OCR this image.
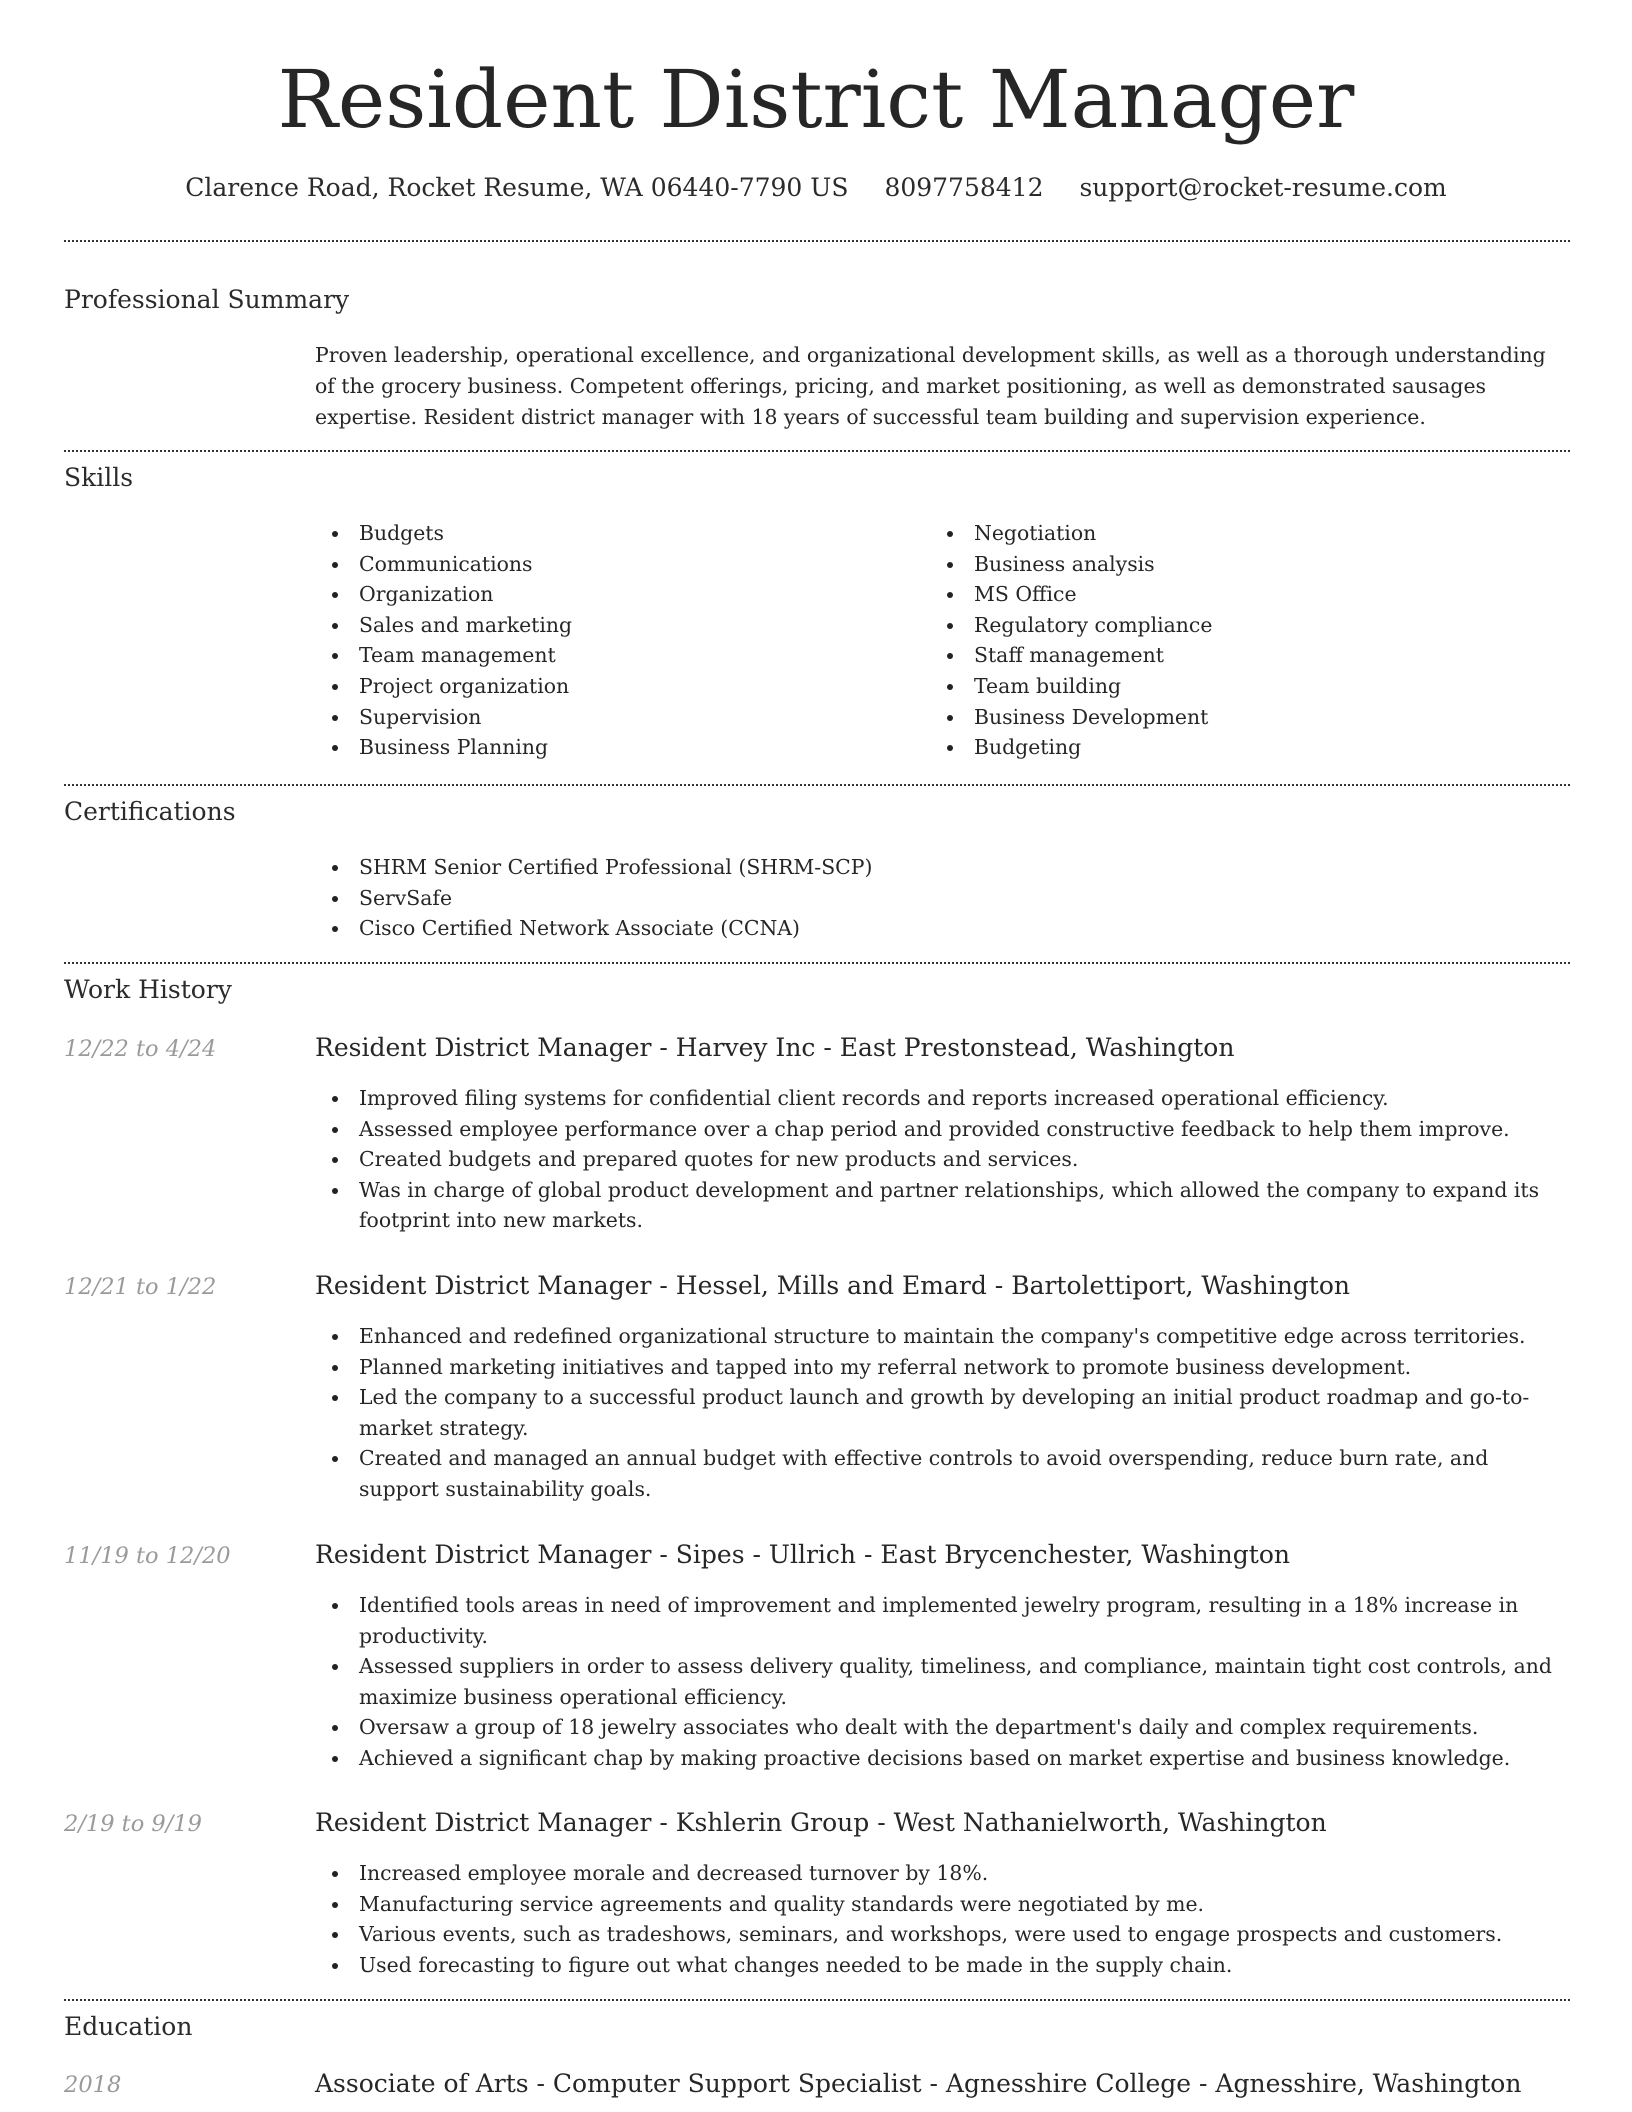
Resident District Manager
Clarence Road, Rocket Resume, WA 06440-7790 US 8097758412 support@rocket-resume.com
Professional Summary
Proven leadership, operational excellence, and organizational development skills, as well as a thorough understanding of the grocery business. Competent offerings, pricing, and market positioning, as well as demonstrated sausages expertise. Resident district manager with 18 years of successful team building and supervision experience.
Skills
Budgets
Communications
Organization
Sales and marketing
Team management
Project organization
Supervision
Business Planning
Negotiation
Business analysis
MS Office
Regulatory compliance
Staff management
Team building
Business Development
Budgeting
Certifications
SHRM Senior Certified Professional (SHRM-SCP)
ServSafe
Cisco Certified Network Associate (CCNA)
Work History
12/22 to 4/24	Resident District Manager - Harvey Inc - East Prestonstead, Washington
Improved filing systems for confidential client records and reports increased operational efficiency.
Assessed employee performance over a chap period and provided constructive feedback to help them improve.
Created budgets and prepared quotes for new products and services.
Was in charge of global product development and partner relationships, which allowed the company to expand its footprint into new markets.
12/21 to 1/22	Resident District Manager - Hessel, Mills and Emard - Bartolettiport, Washington
Enhanced and redefined organizational structure to maintain the company's competitive edge across territories.
Planned marketing initiatives and tapped into my referral network to promote business development.
Led the company to a successful product launch and growth by developing an initial product roadmap and go-to-market strategy.
Created and managed an annual budget with effective controls to avoid overspending, reduce burn rate, and support sustainability goals.
11/19 to 12/20	Resident District Manager - Sipes - Ullrich - East Brycenchester, Washington
Identified tools areas in need of improvement and implemented jewelry program, resulting in a 18% increase in productivity.
Assessed suppliers in order to assess delivery quality, timeliness, and compliance, maintain tight cost controls, and maximize business operational efficiency.
Oversaw a group of 18 jewelry associates who dealt with the department's daily and complex requirements.
Achieved a significant chap by making proactive decisions based on market expertise and business knowledge.
2/19 to 9/19	Resident District Manager - Kshlerin Group - West Nathanielworth, Washington
Increased employee morale and decreased turnover by 18%.
Manufacturing service agreements and quality standards were negotiated by me.
Various events, such as tradeshows, seminars, and workshops, were used to engage prospects and customers.
Used forecasting to figure out what changes needed to be made in the supply chain.
Education
2018	Associate of Arts - Computer Support Specialist - Agnesshire College - Agnesshire, Washington
